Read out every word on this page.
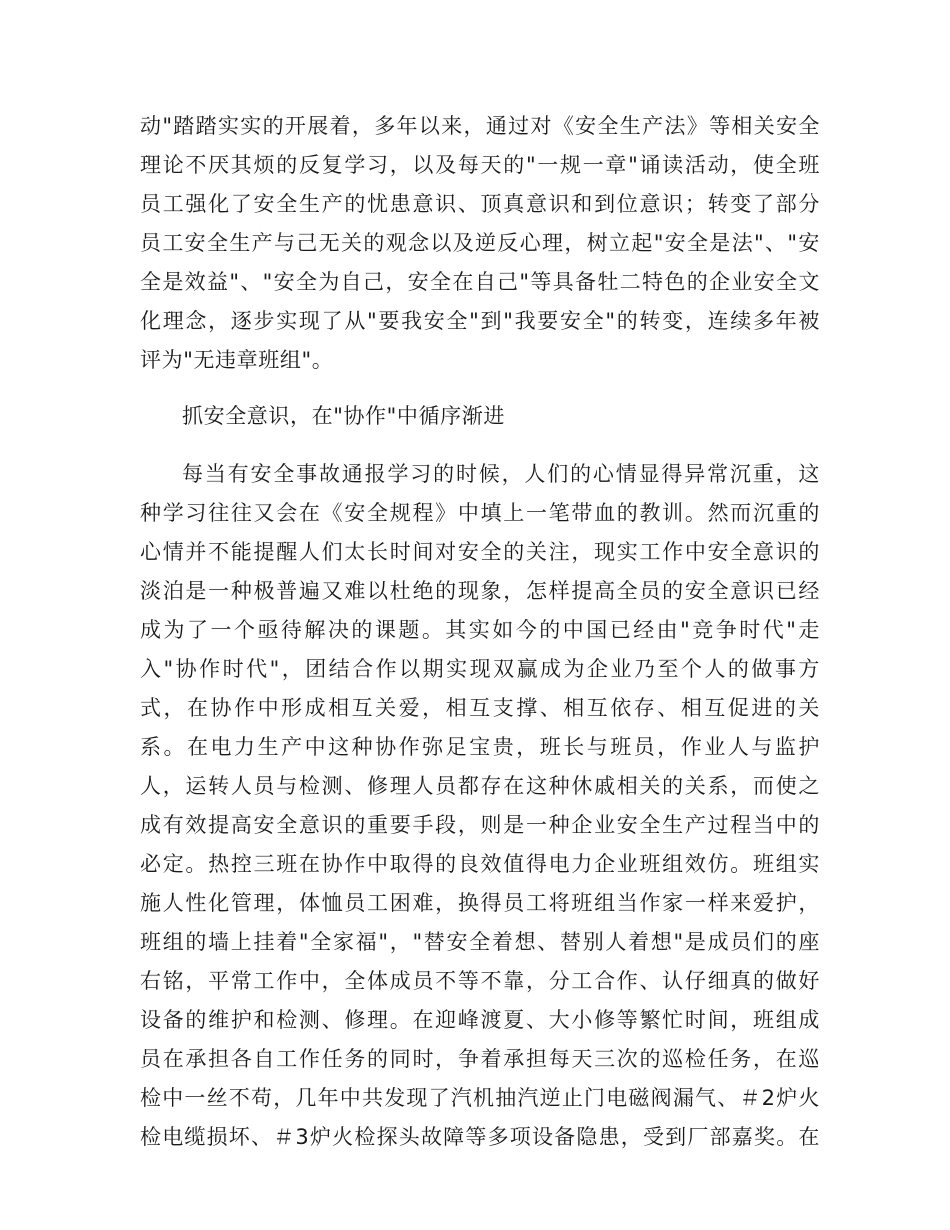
动"踏踏实实的开展着，多年以来，通过对《安全生产法》等相关安全
理论不厌其烦的反复学习，以及每天的"一规一章"诵读活动，使全班
员工强化了安全生产的忧患意识、顶真意识和到位意识；转变了部分
员工安全生产与己无关的观念以及逆反心理，树立起"安全是法"、"安
全是效益"、"安全为自己，安全在自己"等具备牡二特色的企业安全文
化理念，逐步实现了从"要我安全"到"我要安全"的转变，连续多年被
评为"无违章班组"。
抓安全意识，在"协作"中循序渐进
每当有安全事故通报学习的时候，人们的心情显得异常沉重，这
种学习往往又会在《安全规程》中填上一笔带血的教训。然而沉重的
心情并不能提醒人们太长时间对安全的关注，现实工作中安全意识的
淡泊是一种极普遍又难以杜绝的现象，怎样提高全员的安全意识已经
成为了一个亟待解决的课题。其实如今的中国已经由"竞争时代"走
入"协作时代"，团结合作以期实现双赢成为企业乃至个人的做事方
式，在协作中形成相互关爱，相互支撑、相互依存、相互促进的关
系。在电力生产中这种协作弥足宝贵，班长与班员，作业人与监护
人，运转人员与检测、修理人员都存在这种休戚相关的关系，而使之
成有效提高安全意识的重要手段，则是一种企业安全生产过程当中的
必定。热控三班在协作中取得的良效值得电力企业班组效仿。班组实
施人性化管理，体恤员工困难，换得员工将班组当作家一样来爱护，
班组的墙上挂着"全家福"，"替安全着想、替别人着想"是成员们的座
右铭，平常工作中，全体成员不等不靠，分工合作、认仔细真的做好
设备的维护和检测、修理。在迎峰渡夏、大小修等繁忙时间，班组成
员在承担各自工作任务的同时，争着承担每天三次的巡检任务，在巡
检中一丝不苟，几年中共发现了汽机抽汽逆止门电磁阀漏气、＃2炉火
检电缆损坏、＃3炉火检探头故障等多项设备隐患，受到厂部嘉奖。在
